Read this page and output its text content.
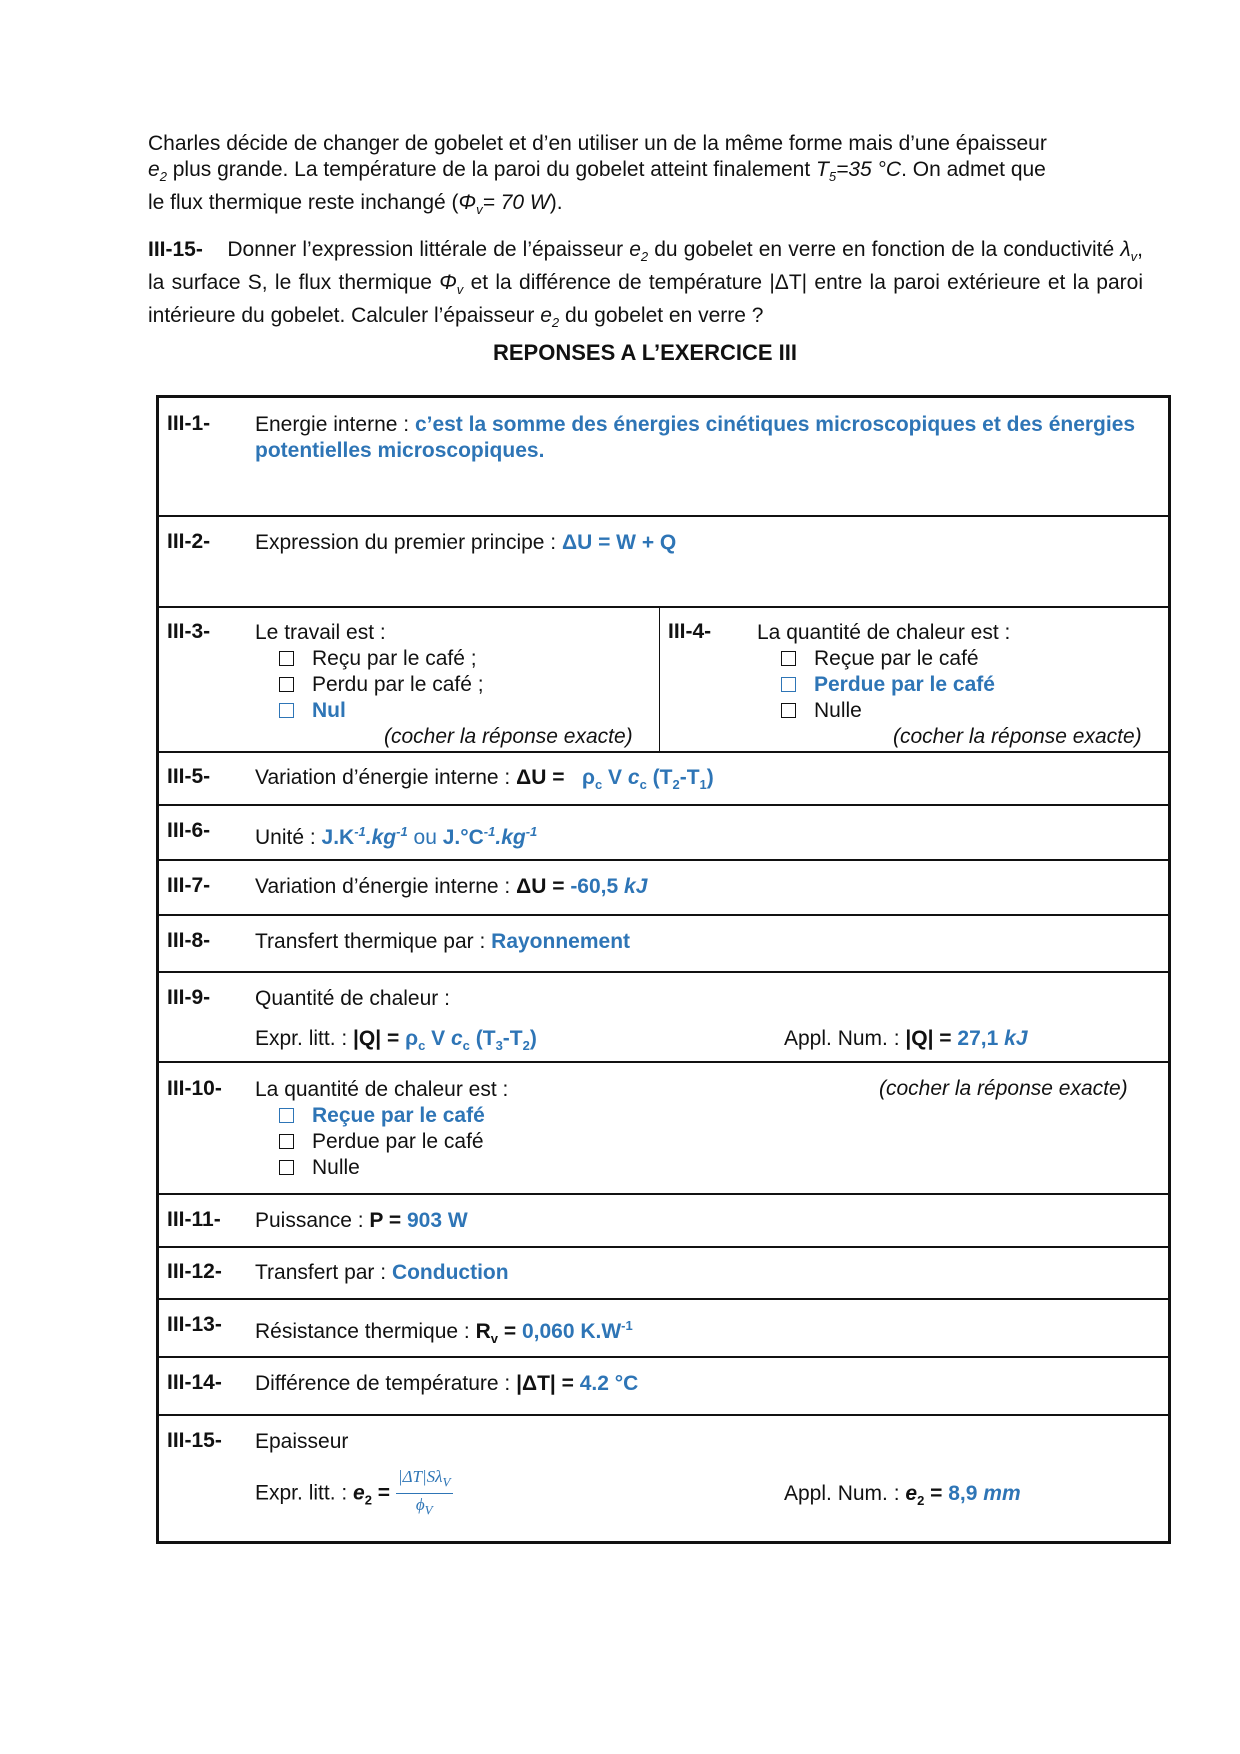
Charles décide de changer de gobelet et d’en utiliser un de la même forme mais d’une épaisseur
$e_2$ plus grande. La température de la paroi du gobelet atteint finalement $T_5=35$ °C. On admet que
le flux thermique reste inchangé ($\Phi_v= 70$ W).
III-15- Donner l’expression littérale de l’épaisseur $e_2$ du gobelet en verre en fonction de la conductivité $\lambda_v$, la surface S, le flux thermique $\Phi_v$ et la différence de température |ΔT| entre la paroi extérieure et la paroi intérieure du gobelet. Calculer l’épaisseur $e_2$ du gobelet en verre ?
REPONSES A L’EXERCICE III
III-1- Energie interne : c’est la somme des énergies cinétiques microscopiques et des énergies potentielles microscopiques.
III-2- Expression du premier principe : ΔU = W + Q
III-3- Le travail est :
Reçu par le café ;
Perdu par le café ;
Nul
(cocher la réponse exacte)
III-4- La quantité de chaleur est :
Reçue par le café
Perdue par le café
Nulle
(cocher la réponse exacte)
III-5- Variation d’énergie interne : $\Delta U = \rho_c$ V $c_c$ $(T_2-T_1)$
III-6- Unité : $J.K^{-1}.kg^{-1}$ ou $J.^\circ C^{-1}.kg^{-1}$
III-7- Variation d’énergie interne : ΔU = -60,5 kJ
III-8- Transfert thermique par : Rayonnement
III-9- Quantité de chaleur :
Expr. litt. : $|Q| = \rho_c$ V $c_c$ $(T_3-T_2)$	Appl. Num. : |Q| = 27,1 kJ
III-10- La quantité de chaleur est :
Reçue par le café
Perdue par le café
Nulle
(cocher la réponse exacte)
III-11- Puissance : P = 903 W
III-12- Transfert par : Conduction
III-13- Résistance thermique : $R_v = 0,060$ $K.W^{-1}$
III-14- Différence de température : |ΔT| = 4.2 °C
III-15- Epaisseur
Expr. litt. : $e_2 = \frac{|\Delta T|S\lambda_V}{\phi_V}$	Appl. Num. : $e_2 = 8,9$ mm
